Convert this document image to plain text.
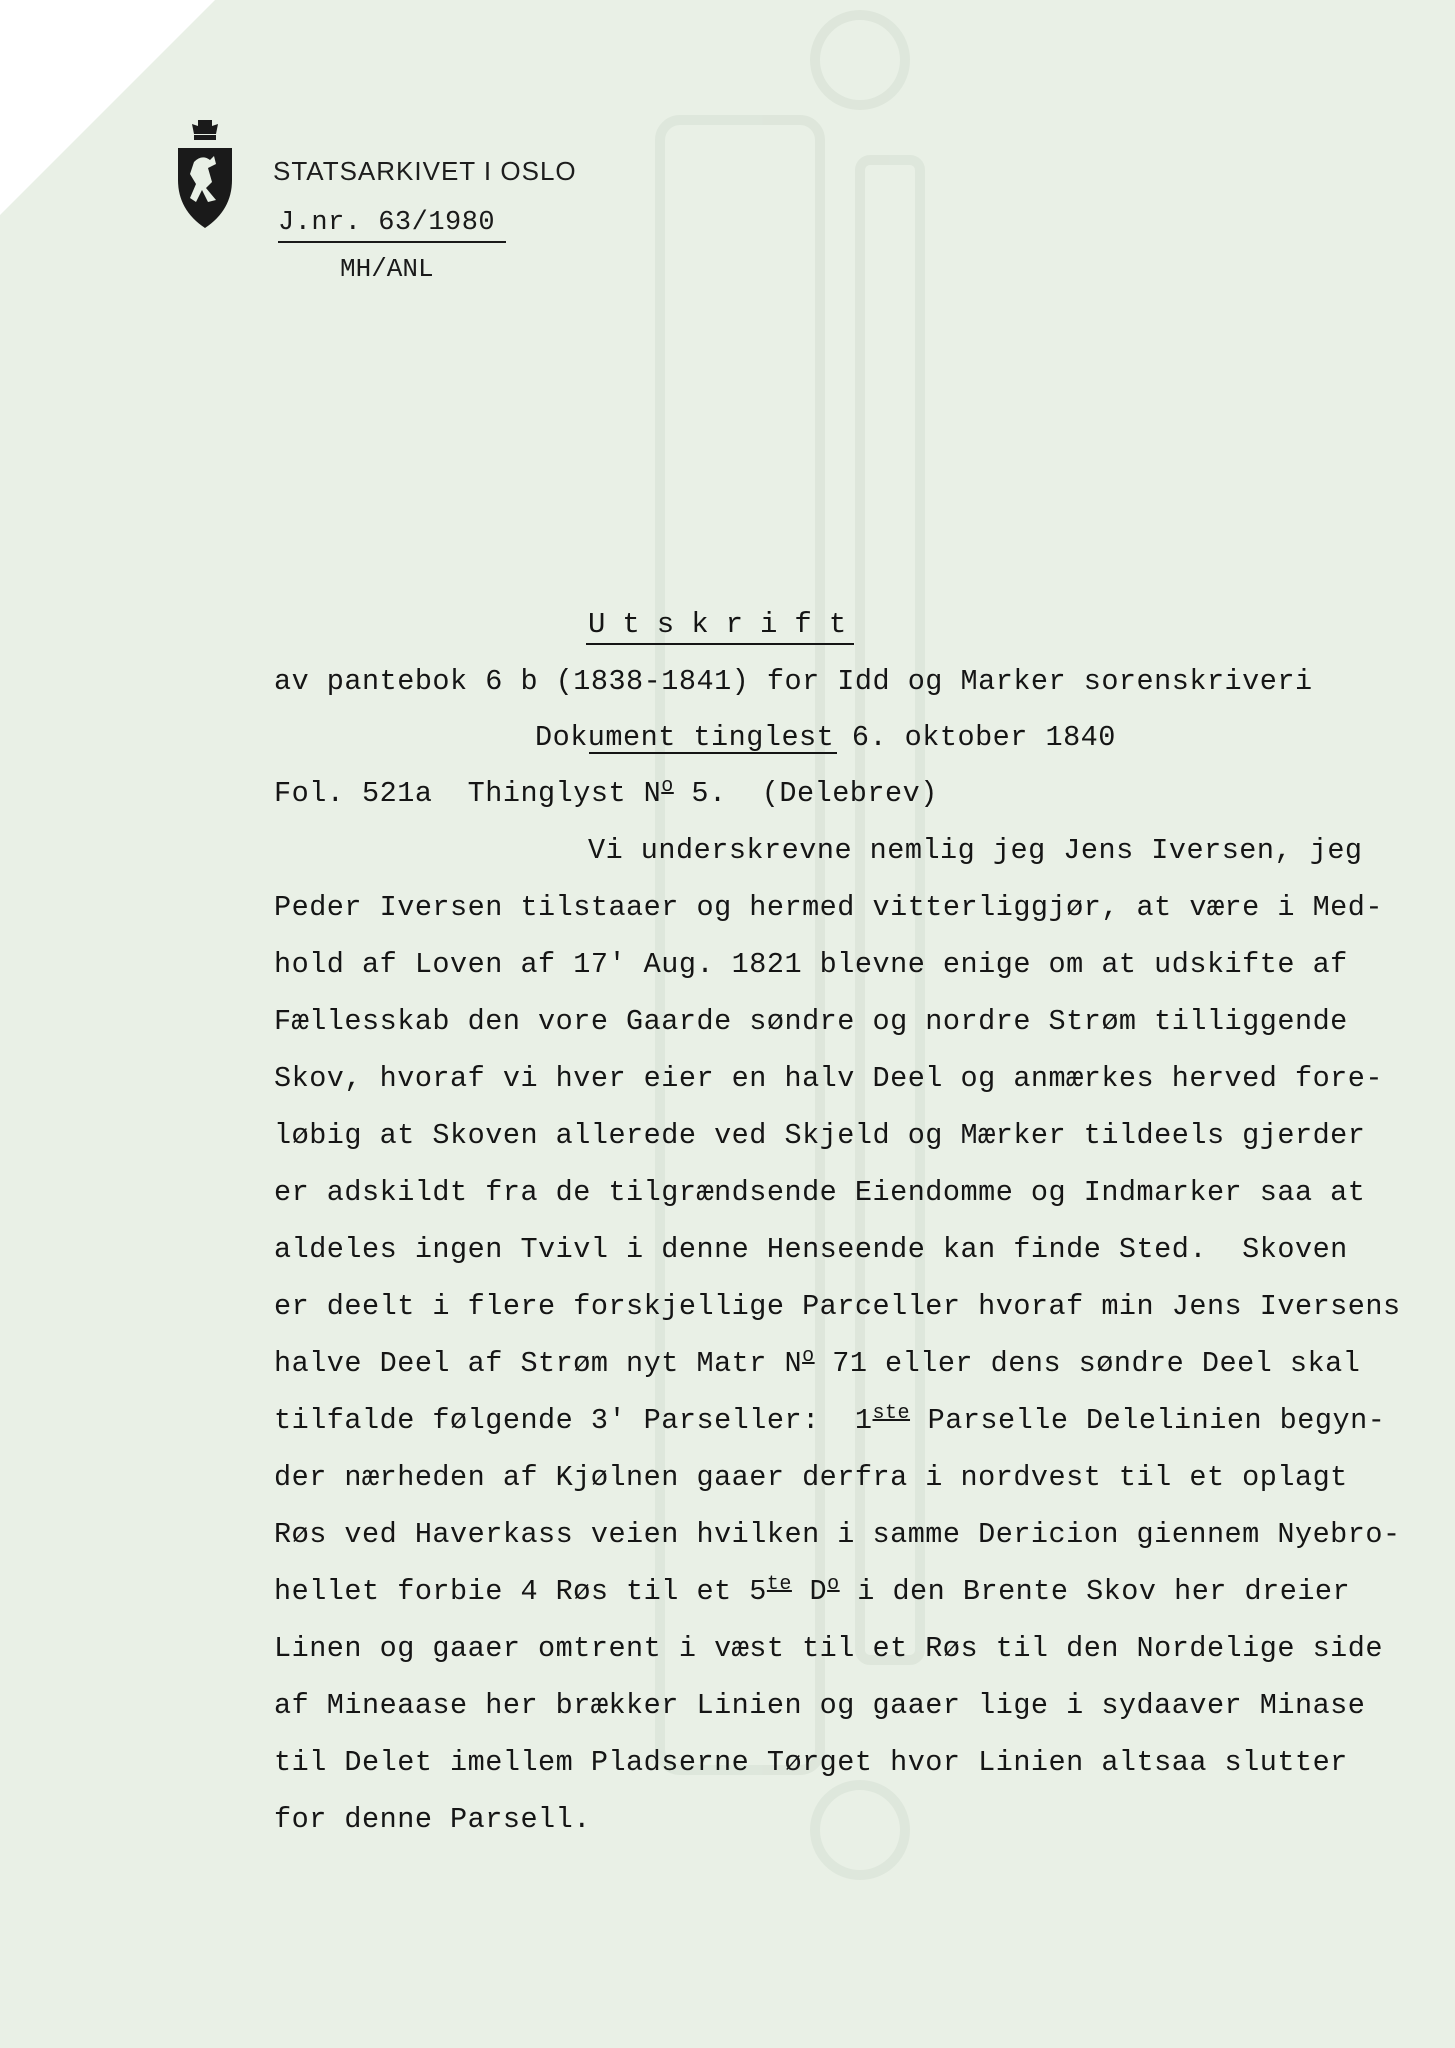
STATSARKIVET I OSLO
J.nr. 63/1980
MH/ANL
Utskrift
av pantebok 6 b (1838-1841) for Idd og Marker sorenskriveri
Dokument tinglest 6. oktober 1840
Fol. 521a  Thinglyst $N^o$ 5.  (Delebrev)
Vi underskrevne nemlig jeg Jens Iversen, jeg
Peder Iversen tilstaaer og hermed vitterliggjør, at være i Med-
hold af Loven af 17' Aug. 1821 blevne enige om at udskifte af
Fællesskab den vore Gaarde søndre og nordre Strøm tilliggende
Skov, hvoraf vi hver eier en halv Deel og anmærkes herved fore-
løbig at Skoven allerede ved Skjeld og Mærker tildeels gjerder
er adskildt fra de tilgrændsende Eiendomme og Indmarker saa at
aldeles ingen Tvivl i denne Henseende kan finde Sted.  Skoven
er deelt i flere forskjellige Parceller hvoraf min Jens Iversens
halve Deel af Strøm nyt Matr $N^o$ 71 eller dens søndre Deel skal
tilfalde følgende 3' Parseller:  1ste Parselle Delelinien begyn-
der nærheden af Kjølnen gaaer derfra i nordvest til et oplagt
Røs ved Haverkass veien hvilken i samme Dericion giennem Nyebro-
hellet forbie 4 Røs til et $5^{te}$ $D^o$ i den Brente Skov her dreier
Linen og gaaer omtrent i væst til et Røs til den Nordelige side
af Mineaase her brækker Linien og gaaer lige i sydaaver Minase
til Delet imellem Pladserne Tørget hvor Linien altsaa slutter
for denne Parsell.
